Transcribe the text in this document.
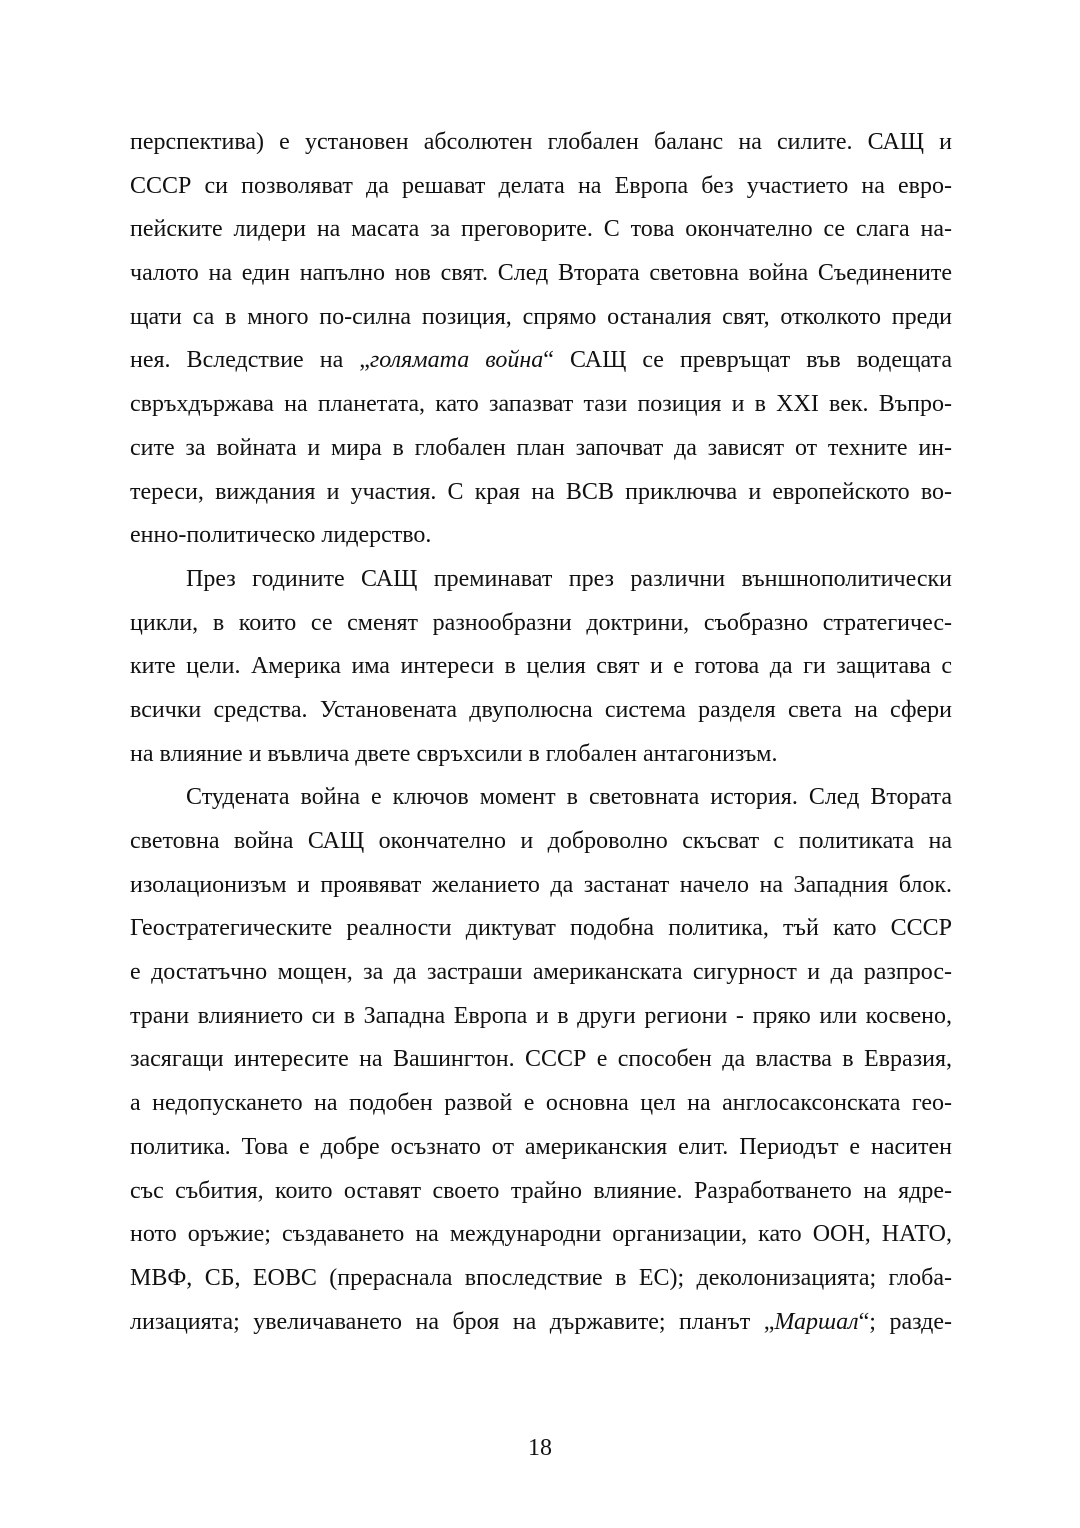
перспектива) е установен абсолютен глобален баланс на силите. САЩ и
СССР си позволяват да решават делата на Европа без участието на евро-
пейските лидери на масата за преговорите. С това окончателно се слага на-
чалото на един напълно нов свят. След Втората световна война Съединените
щати са в много по-силна позиция, спрямо останалия свят, отколкото преди
нея. Вследствие на „голямата война“ САЩ се превръщат във водещата
свръхдържава на планетата, като запазват тази позиция и в XXI век. Въпро-
сите за войната и мира в глобален план започват да зависят от техните ин-
тереси, виждания и участия. С края на ВСВ приключва и европейското во-
енно-политическо лидерство.
През годините САЩ преминават през различни външнополитически
цикли, в които се сменят разнообразни доктрини, съобразно стратегичес-
ките цели. Америка има интереси в целия свят и е готова да ги защитава с
всички средства. Установената двуполюсна система разделя света на сфери
на влияние и въвлича двете свръхсили в глобален антагонизъм.
Студената война е ключов момент в световната история. След Втората
световна война САЩ окончателно и доброволно скъсват с политиката на
изолационизъм и проявяват желанието да застанат начело на Западния блок.
Геостратегическите реалности диктуват подобна политика, тъй като СССР
е достатъчно мощен, за да застраши американската сигурност и да разпрос-
трани влиянието си в Западна Европа и в други региони - пряко или косвено,
засягащи интересите на Вашингтон. СССР е способен да властва в Евразия,
а недопускането на подобен развой е основна цел на англосаксонската гео-
политика. Това е добре осъзнато от американския елит. Периодът е наситен
със събития, които оставят своето трайно влияние. Разработването на ядре-
ното оръжие; създаването на международни организации, като ООН, НАТО,
МВФ, СБ, ЕОВС (прераснала впоследствие в ЕС); деколонизацията; глоба-
лизацията; увеличаването на броя на държавите; планът „Маршал“; разде-
18
